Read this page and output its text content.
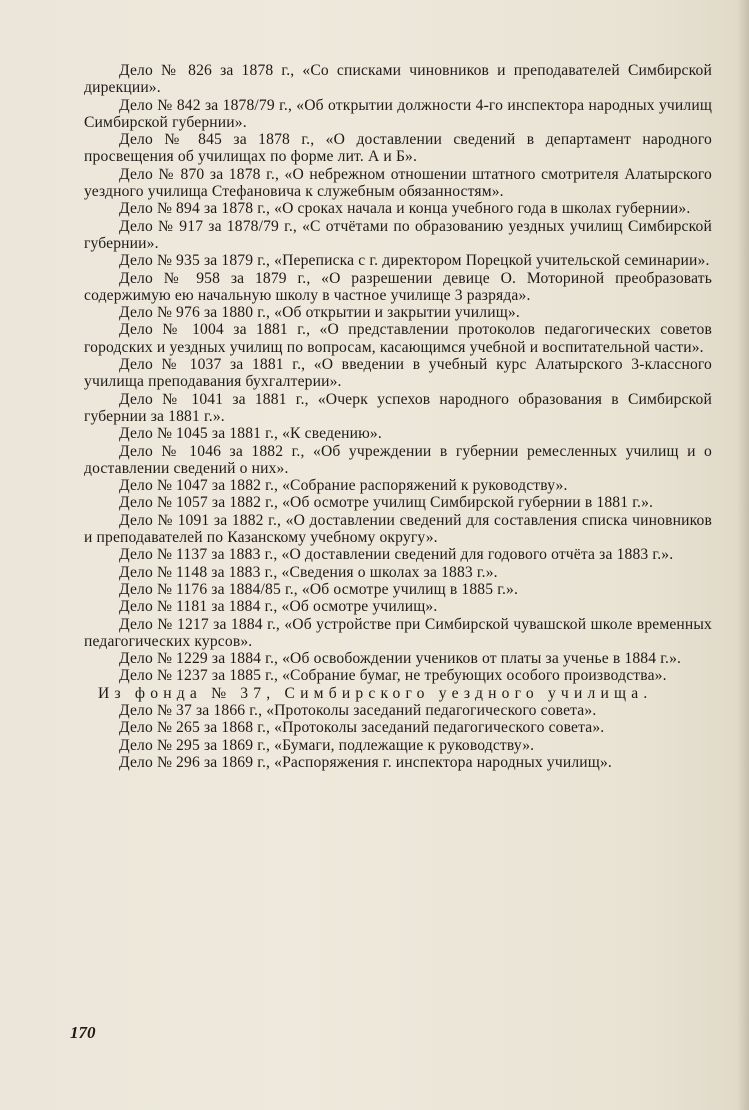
Дело № 826 за 1878 г., «Со списками чиновников и преподавателей Симбирской дирекции».

Дело № 842 за 1878/79 г., «Об открытии должности 4-го инспектора народных училищ Симбирской губернии».

Дело № 845 за 1878 г., «О доставлении сведений в департамент народного просвещения об училищах по форме лит. А и Б».

Дело № 870 за 1878 г., «О небрежном отношении штатного смотрителя Алатырского уездного училища Стефановича к служебным обязанностям».

Дело № 894 за 1878 г., «О сроках начала и конца учебного года в школах губернии».

Дело № 917 за 1878/79 г., «С отчётами по образованию уездных училищ Симбирской губернии».

Дело № 935 за 1879 г., «Переписка с г. директором Порецкой учительской семинарии».

Дело № 958 за 1879 г., «О разрешении девице О. Моториной преобразовать содержимую ею начальную школу в частное училище 3 разряда».

Дело № 976 за 1880 г., «Об открытии и закрытии училищ».

Дело № 1004 за 1881 г., «О представлении протоколов педагогических советов городских и уездных училищ по вопросам, касающимся учебной и воспитательной части».

Дело № 1037 за 1881 г., «О введении в учебный курс Алатырского 3-классного училища преподавания бухгалтерии».

Дело № 1041 за 1881 г., «Очерк успехов народного образования в Симбирской губернии за 1881 г.».

Дело № 1045 за 1881 г., «К сведению».

Дело № 1046 за 1882 г., «Об учреждении в губернии ремесленных училищ и о доставлении сведений о них».

Дело № 1047 за 1882 г., «Собрание распоряжений к руководству».

Дело № 1057 за 1882 г., «Об осмотре училищ Симбирской губернии в 1881 г.».

Дело № 1091 за 1882 г., «О доставлении сведений для составления списка чиновников и преподавателей по Казанскому учебному округу».

Дело № 1137 за 1883 г., «О доставлении сведений для годового отчёта за 1883 г.».

Дело № 1148 за 1883 г., «Сведения о школах за 1883 г.».

Дело № 1176 за 1884/85 г., «Об осмотре училищ в 1885 г.».

Дело № 1181 за 1884 г., «Об осмотре училищ».

Дело № 1217 за 1884 г., «Об устройстве при Симбирской чувашской школе временных педагогических курсов».

Дело № 1229 за 1884 г., «Об освобождении учеников от платы за ученье в 1884 г.».

Дело № 1237 за 1885 г., «Собрание бумаг, не требующих особого производства».

Из фонда № 37, Симбирского уездного училища.

Дело № 37 за 1866 г., «Протоколы заседаний педагогического совета».

Дело № 265 за 1868 г., «Протоколы заседаний педагогического совета».

Дело № 295 за 1869 г., «Бумаги, подлежащие к руководству».

Дело № 296 за 1869 г., «Распоряжения г. инспектора народных училищ».

170
